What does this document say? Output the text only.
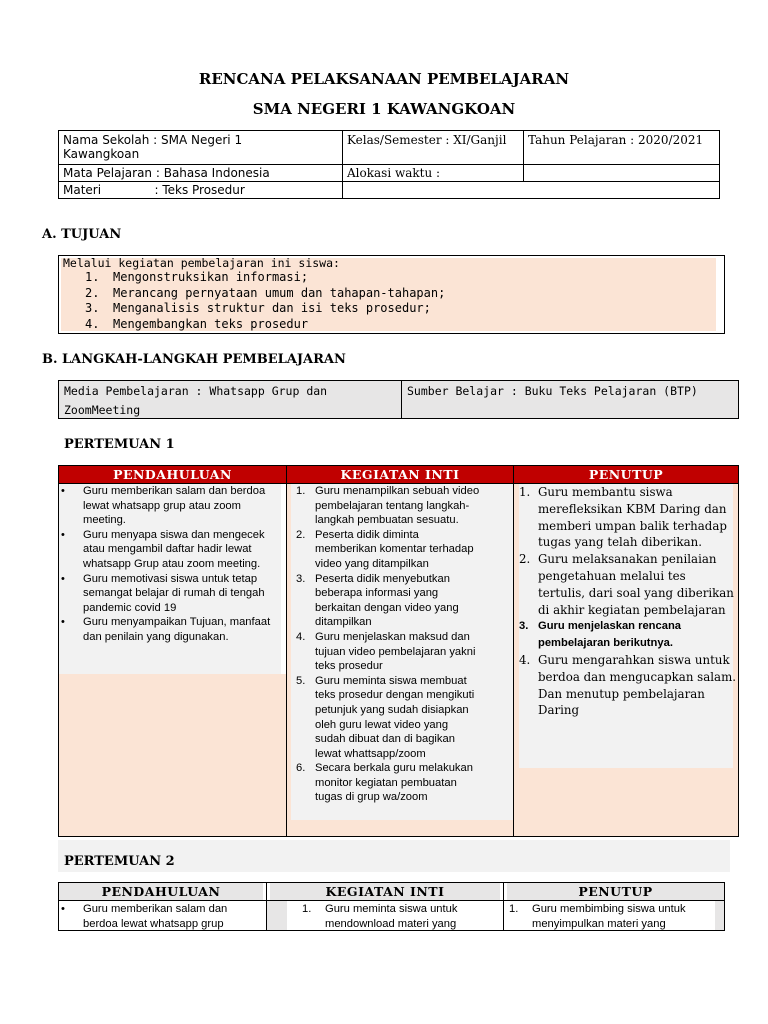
RENCANA PELAKSANAAN PEMBELAJARAN
SMA NEGERI 1 KAWANGKOAN
Nama Sekolah : SMA Negeri 1
Kawangkoan
Kelas/Semester : XI/Ganjil	Tahun Pelajaran : 2020/2021
Mata Pelajaran : Bahasa Indonesia	Alokasi waktu :
Materi              : Teks Prosedur
A. TUJUAN
Melalui kegiatan pembelajaran ini siswa:
1. Mengonstruksikan informasi;
2. Merancang pernyataan umum dan tahapan-tahapan;
3. Menganalisis struktur dan isi teks prosedur;
4. Mengembangkan teks prosedur
B. LANGKAH-LANGKAH PEMBELAJARAN
Media Pembelajaran : Whatsapp Grup dan ZoomMeeting
Sumber Belajar : Buku Teks Pelajaran (BTP)
PERTEMUAN 1
PENDAHULUAN	KEGIATAN INTI	PENUTUP
• Guru memberikan salam dan berdoa lewat whatsapp grup atau zoom meeting.
• Guru menyapa siswa dan mengecek atau mengambil daftar hadir lewat whatsapp Grup atau zoom meeting.
• Guru memotivasi siswa untuk tetap semangat belajar di rumah di tengah pandemic covid 19
• Guru menyampaikan Tujuan, manfaat dan penilain yang digunakan.
1. Guru menampilkan sebuah video pembelajaran tentang langkah-langkah pembuatan sesuatu.
2. Peserta didik diminta memberikan komentar terhadap video yang ditampilkan
3. Peserta didik menyebutkan beberapa informasi yang berkaitan dengan video yang ditampilkan
4. Guru menjelaskan maksud dan tujuan video pembelajaran yakni teks prosedur
5. Guru meminta siswa membuat teks prosedur dengan mengikuti petunjuk yang sudah disiapkan oleh guru lewat video yang sudah dibuat dan di bagikan lewat whattsapp/zoom
6. Secara berkala guru melakukan monitor kegiatan pembuatan tugas di grup wa/zoom
1. Guru membantu siswa merefleksikan KBM Daring dan memberi umpan balik terhadap tugas yang telah diberikan.
2. Guru melaksanakan penilaian pengetahuan melalui tes tertulis, dari soal yang diberikan di akhir kegiatan pembelajaran
3. Guru menjelaskan rencana pembelajaran berikutnya.
4. Guru mengarahkan siswa untuk berdoa dan mengucapkan salam. Dan menutup pembelajaran Daring
PERTEMUAN 2
PENDAHULUAN	KEGIATAN INTI	PENUTUP
• Guru memberikan salam dan berdoa lewat whatsapp grup
1. Guru meminta siswa untuk mendownload materi yang
1. Guru membimbing siswa untuk menyimpulkan materi yang
